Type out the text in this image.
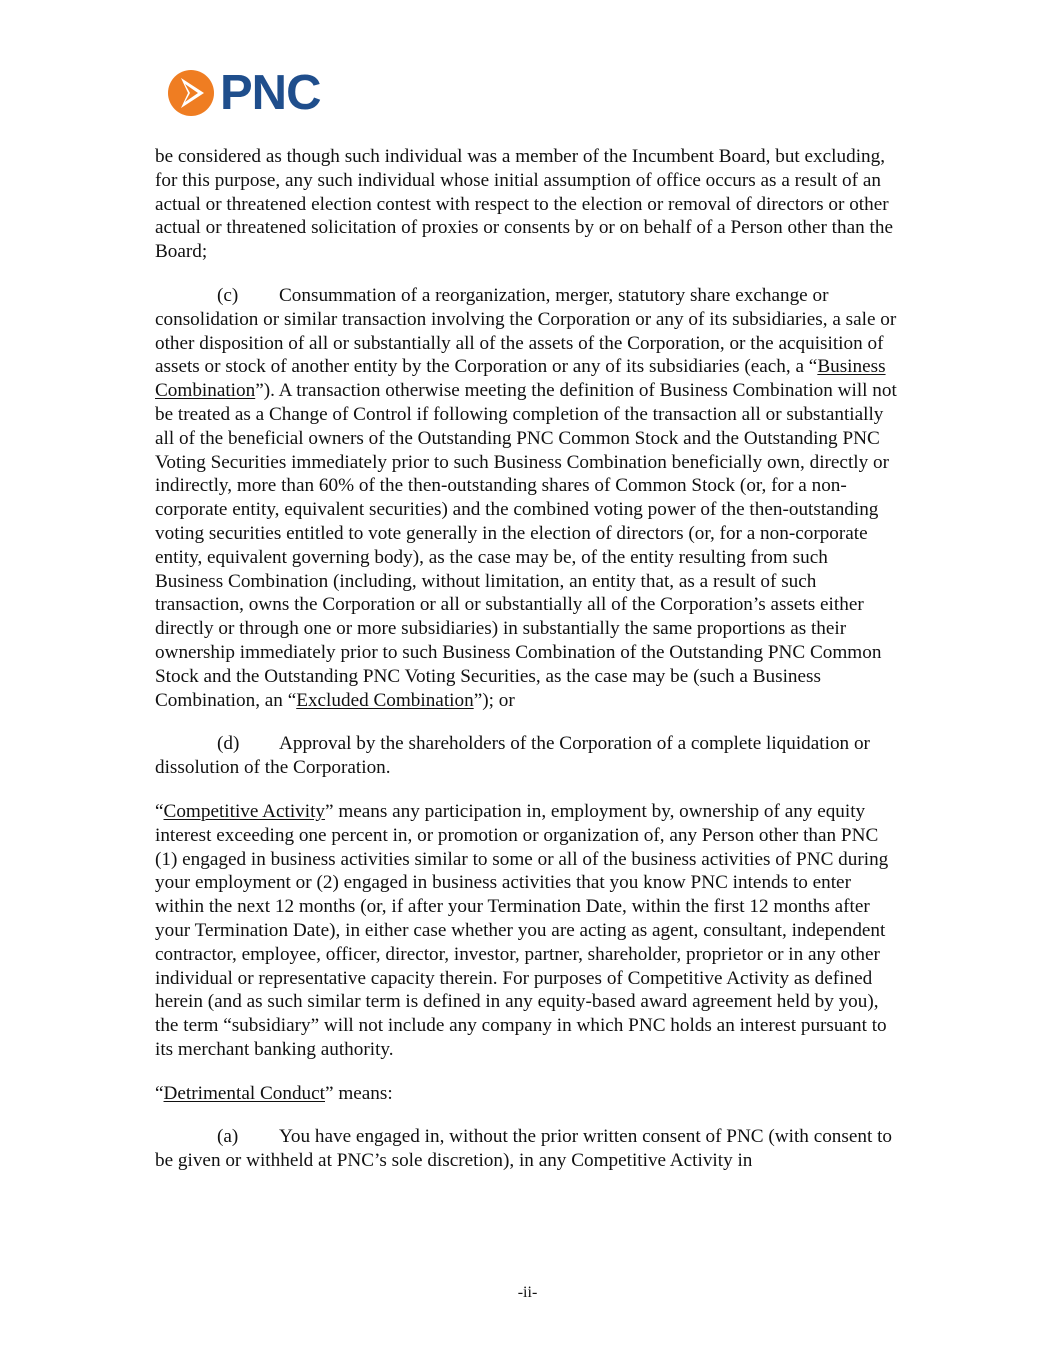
PNC

be considered as though such individual was a member of the Incumbent Board, but excluding, for this purpose, any such individual whose initial assumption of office occurs as a result of an actual or threatened election contest with respect to the election or removal of directors or other actual or threatened solicitation of proxies or consents by or on behalf of a Person other than the Board;

(c) Consummation of a reorganization, merger, statutory share exchange or consolidation or similar transaction involving the Corporation or any of its subsidiaries, a sale or other disposition of all or substantially all of the assets of the Corporation, or the acquisition of assets or stock of another entity by the Corporation or any of its subsidiaries (each, a “Business Combination”). A transaction otherwise meeting the definition of Business Combination will not be treated as a Change of Control if following completion of the transaction all or substantially all of the beneficial owners of the Outstanding PNC Common Stock and the Outstanding PNC Voting Securities immediately prior to such Business Combination beneficially own, directly or indirectly, more than 60% of the then-outstanding shares of Common Stock (or, for a non-corporate entity, equivalent securities) and the combined voting power of the then-outstanding voting securities entitled to vote generally in the election of directors (or, for a non-corporate entity, equivalent governing body), as the case may be, of the entity resulting from such Business Combination (including, without limitation, an entity that, as a result of such transaction, owns the Corporation or all or substantially all of the Corporation’s assets either directly or through one or more subsidiaries) in substantially the same proportions as their ownership immediately prior to such Business Combination of the Outstanding PNC Common Stock and the Outstanding PNC Voting Securities, as the case may be (such a Business Combination, an “Excluded Combination”); or

(d) Approval by the shareholders of the Corporation of a complete liquidation or dissolution of the Corporation.

“Competitive Activity” means any participation in, employment by, ownership of any equity interest exceeding one percent in, or promotion or organization of, any Person other than PNC (1) engaged in business activities similar to some or all of the business activities of PNC during your employment or (2) engaged in business activities that you know PNC intends to enter within the next 12 months (or, if after your Termination Date, within the first 12 months after your Termination Date), in either case whether you are acting as agent, consultant, independent contractor, employee, officer, director, investor, partner, shareholder, proprietor or in any other individual or representative capacity therein. For purposes of Competitive Activity as defined herein (and as such similar term is defined in any equity-based award agreement held by you), the term “subsidiary” will not include any company in which PNC holds an interest pursuant to its merchant banking authority.

“Detrimental Conduct” means:

(a) You have engaged in, without the prior written consent of PNC (with consent to be given or withheld at PNC’s sole discretion), in any Competitive Activity in

-ii-
